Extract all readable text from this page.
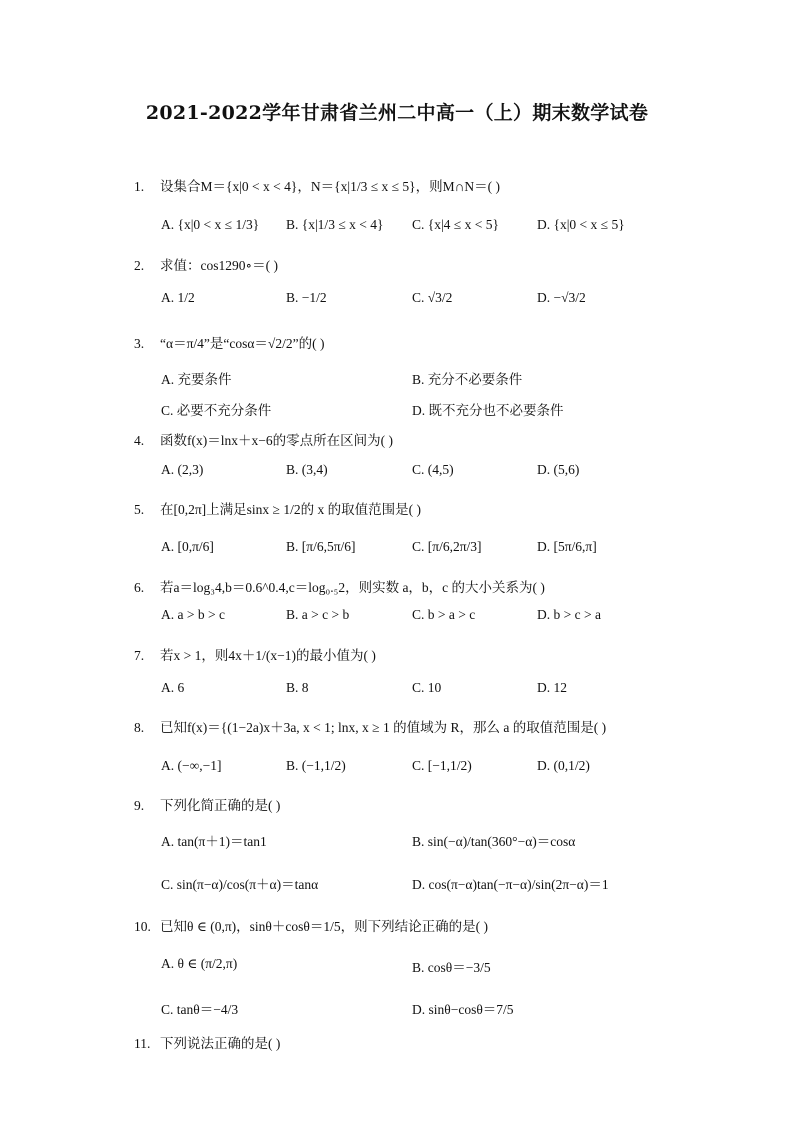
2021-2022学年甘肃省兰州二中高一（上）期末数学试卷
1. 设集合M＝{x|0 < x < 4}，N＝{x|1/3 ≤ x ≤ 5}，则M∩N＝( )
A. {x|0 < x ≤ 1/3} B. {x|1/3 ≤ x < 4} C. {x|4 ≤ x < 5}	D. {x|0 < x ≤ 5}
2. 求值：cos1290∘＝( )
A. 1/2	B. −1/2	C. √3/2	D. −√3/2
3. “α＝π/4”是“cosα＝√2/2”的( )
A. 充要条件	B. 充分不必要条件
C. 必要不充分条件	D. 既不充分也不必要条件
4. 函数f(x)＝lnx＋x−6的零点所在区间为( )
A. (2,3)	B. (3,4)	C. (4,5)	D. (5,6)
5. 在[0,2π]上满足sinx ≥ 1/2的 x 的取值范围是( )
A. [0,π/6]	B. [π/6,5π/6]	C. [π/6,2π/3]	D. [5π/6,π]
6. 若a＝log₃4,b＝0.6^0.4,c＝log₀.₅2，则实数 a，b，c 的大小关系为( )
A. a > b > c	B. a > c > b	C. b > a > c	D. b > c > a
7. 若x > 1，则4x＋1/(x−1)的最小值为( )
A. 6	B. 8	C. 10	D. 12
8. 已知f(x)＝{(1−2a)x＋3a, x < 1; lnx, x ≥ 1 的值域为 R，那么 a 的取值范围是( )
A. (−∞,−1]	B. (−1,1/2)	C. [−1,1/2)	D. (0,1/2)
9. 下列化简正确的是( )
A. tan(π＋1)＝tan1	B. sin(−α)/tan(360°−α)＝cosα
C. sin(π−α)/cos(π＋α)＝tanα	D. cos(π−α)tan(−π−α)/sin(2π−α)＝1
10. 已知θ ∈ (0,π)，sinθ＋cosθ＝1/5，则下列结论正确的是( )
A. θ ∈ (π/2,π)	B. cosθ＝−3/5
C. tanθ＝−4/3	D. sinθ−cosθ＝7/5
11. 下列说法正确的是( )
